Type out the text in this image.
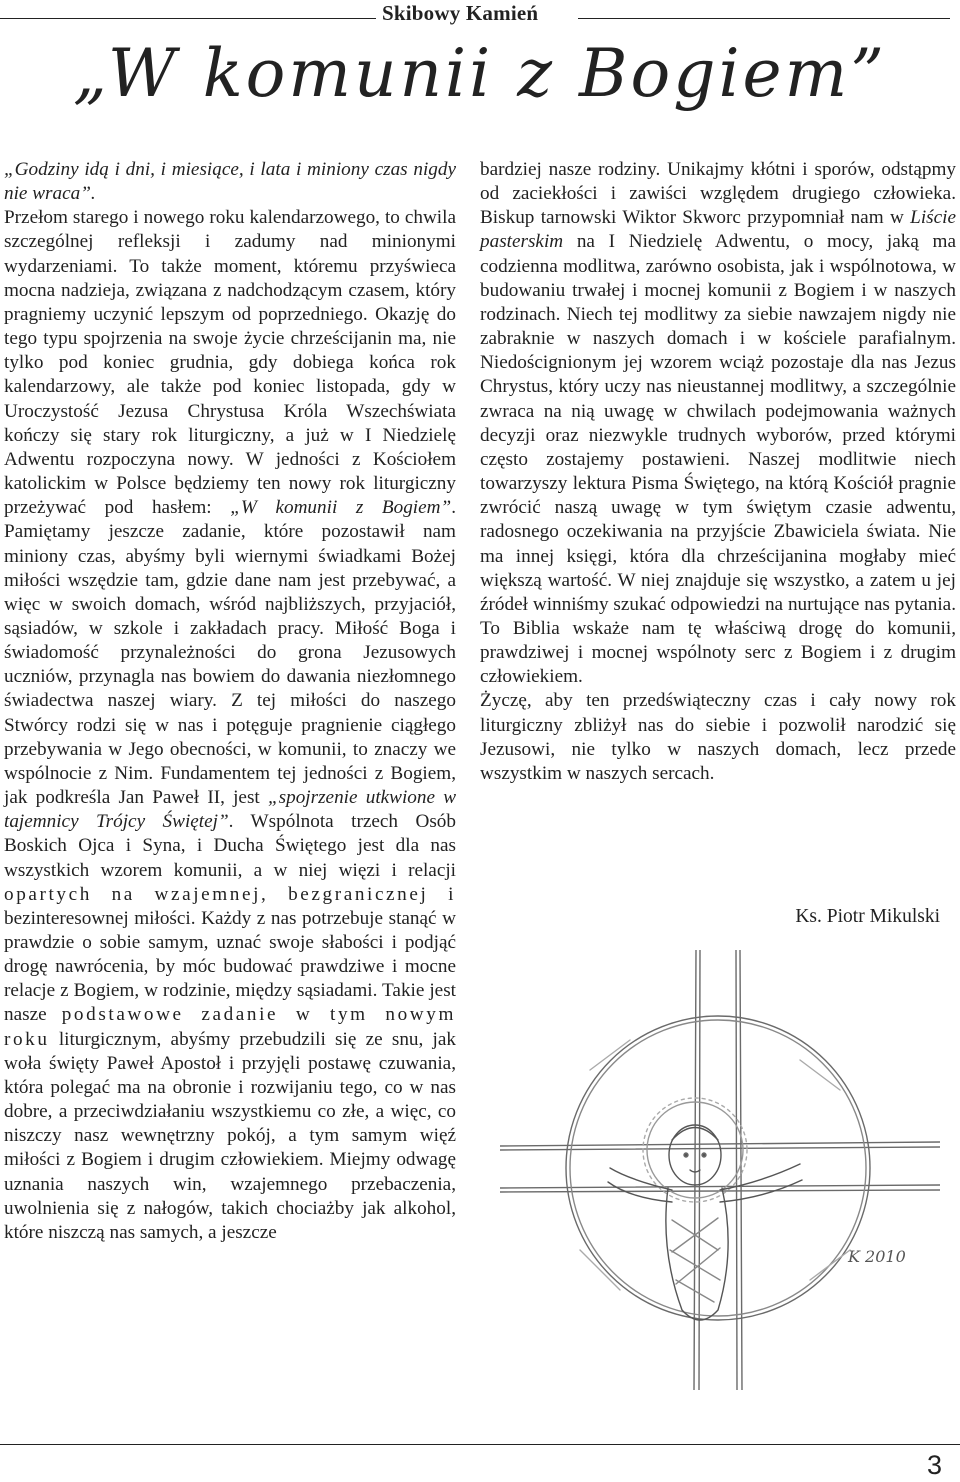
Skibowy Kamień
„W komunii z Bogiem”

„Godziny idą i dni, i miesiące, i lata i miniony czas nigdy nie wraca”.

Przełom starego i nowego roku kalendarzowego, to chwila szczególnej refleksji i zadumy nad minionymi wydarzeniami. To także moment, któremu przyświeca mocna nadzieja, związana z nadchodzącym czasem, który pragniemy uczynić lepszym od poprzedniego. Okazję do tego typu spojrzenia na swoje życie chrześcijanin ma, nie tylko pod koniec grudnia, gdy dobiega końca rok kalendarzowy, ale także pod koniec listopada, gdy w Uroczystość Jezusa Chrystusa Króla Wszechświata kończy się stary rok liturgiczny, a już w I Niedzielę Adwentu rozpoczyna nowy. W jedności z Kościołem katolickim w Polsce będziemy ten nowy rok liturgiczny przeżywać pod hasłem: „W komunii z Bogiem”. Pamiętamy jeszcze zadanie, które pozostawił nam miniony czas, abyśmy byli wiernymi świadkami Bożej miłości wszędzie tam, gdzie dane nam jest przebywać, a więc w swoich domach, wśród najbliższych, przyjaciół, sąsiadów, w szkole i zakładach pracy. Miłość Boga i świadomość przynależności do grona Jezusowych uczniów, przynagla nas bowiem do dawania niezłomnego świadectwa naszej wiary. Z tej miłości do naszego Stwórcy rodzi się w nas i potęguje pragnienie ciągłego przebywania w Jego obecności, w komunii, to znaczy we wspólnocie z Nim. Fundamentem tej jedności z Bogiem, jak podkreśla Jan Paweł II, jest „spojrzenie utkwione w tajemnicy Trójcy Świętej”. Wspólnota trzech Osób Boskich Ojca i Syna, i Ducha Świętego jest dla nas wszystkich wzorem komunii, a w niej więzi i relacji opartych na wzajemnej, bezgranicznej i bezinteresownej miłości. Każdy z nas potrzebuje stanąć w prawdzie o sobie samym, uznać swoje słabości i podjąć drogę nawrócenia, by móc budować prawdziwe i mocne relacje z Bogiem, w rodzinie, między sąsiadami. Takie jest nasze podstawowe zadanie w tym nowym roku liturgicznym, abyśmy przebudzili się ze snu, jak woła święty Paweł Apostoł i przyjęli postawę czuwania, która polegać ma na obronie i rozwijaniu tego, co w nas dobre, a przeciwdziałaniu wszystkiemu co złe, a więc, co niszczy nasz wewnętrzny pokój, a tym samym więź miłości z Bogiem i drugim człowiekiem. Miejmy odwagę uznania naszych win, wzajemnego przebaczenia, uwolnienia się z nałogów, takich chociażby jak alkohol, które niszczą nas samych, a jeszcze

bardziej nasze rodziny. Unikajmy kłótni i sporów, odstąpmy od zaciekłości i zawiści względem drugiego człowieka. Biskup tarnowski Wiktor Skworc przypomniał nam w Liście pasterskim na I Niedzielę Adwentu, o mocy, jaką ma codzienna modlitwa, zarówno osobista, jak i wspólnotowa, w budowaniu trwałej i mocnej komunii z Bogiem i w naszych rodzinach. Niech tej modlitwy za siebie nawzajem nigdy nie zabraknie w naszych domach i w kościele parafialnym. Niedoścignionym jej wzorem wciąż pozostaje dla nas Jezus Chrystus, który uczy nas nieustannej modlitwy, a szczególnie zwraca na nią uwagę w chwilach podejmowania ważnych decyzji oraz niezwykle trudnych wyborów, przed którymi często zostajemy postawieni. Naszej modlitwie niech towarzyszy lektura Pisma Świętego, na którą Kościół pragnie zwrócić naszą uwagę w tym świętym czasie adwentu, radosnego oczekiwania na przyjście Zbawiciela świata. Nie ma innej księgi, która dla chrześcijanina mogłaby mieć większą wartość. W niej znajduje się wszystko, a zatem u jej źródeł winniśmy szukać odpowiedzi na nurtujące nas pytania. To Biblia wskaże nam tę właściwą drogę do komunii, prawdziwej i mocnej wspólnoty serc z Bogiem i z drugim człowiekiem.

Życzę, aby ten przedświąteczny czas i cały nowy rok liturgiczny zbliżył nas do siebie i pozwolił narodzić się Jezusowi, nie tylko w naszych domach, lecz przede wszystkim w naszych sercach.

Ks. Piotr Mikulski
K 2010
3
